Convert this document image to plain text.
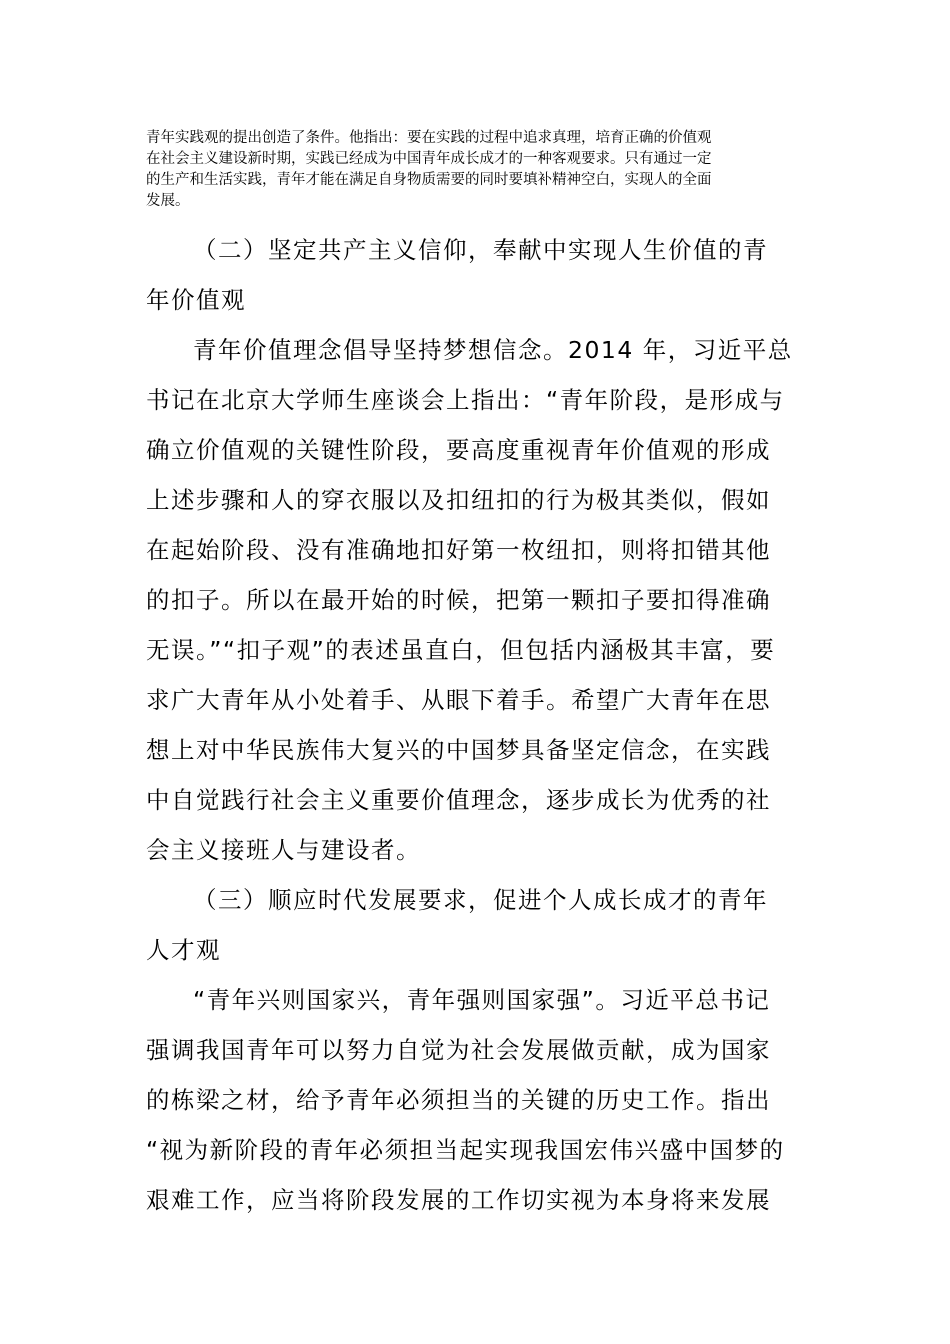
青年实践观的提出创造了条件。他指出：要在实践的过程中追求真理，培育正确的价值观
在社会主义建设新时期，实践已经成为中国青年成长成才的一种客观要求。只有通过一定
的生产和生活实践，青年才能在满足自身物质需要的同时要填补精神空白，实现人的全面
发展。
（二）坚定共产主义信仰，奉献中实现人生价值的青
年价值观
青年价值理念倡导坚持梦想信念。2014 年，习近平总
书记在北京大学师生座谈会上指出：“青年阶段，是形成与
确立价值观的关键性阶段，要高度重视青年价值观的形成
上述步骤和人的穿衣服以及扣纽扣的行为极其类似，假如
在起始阶段、没有准确地扣好第一枚纽扣，则将扣错其他
的扣子。所以在最开始的时候，把第一颗扣子要扣得准确
无误。”“扣子观”的表述虽直白，但包括内涵极其丰富，要
求广大青年从小处着手、从眼下着手。希望广大青年在思
想上对中华民族伟大复兴的中国梦具备坚定信念，在实践
中自觉践行社会主义重要价值理念，逐步成长为优秀的社
会主义接班人与建设者。
（三）顺应时代发展要求，促进个人成长成才的青年
人才观
“青年兴则国家兴，青年强则国家强”。习近平总书记
强调我国青年可以努力自觉为社会发展做贡献，成为国家
的栋梁之材，给予青年必须担当的关键的历史工作。指出
“视为新阶段的青年必须担当起实现我国宏伟兴盛中国梦的
艰难工作，应当将阶段发展的工作切实视为本身将来发展
